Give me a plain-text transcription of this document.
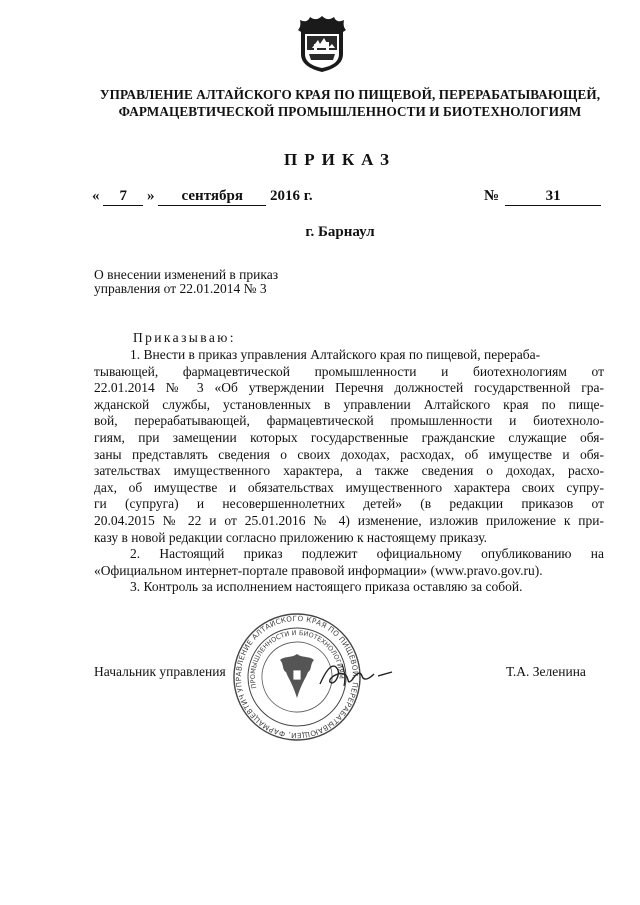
УПРАВЛЕНИЕ АЛТАЙСКОГО КРАЯ ПО ПИЩЕВОЙ, ПЕРЕРАБАТЫВАЮЩЕЙ,
ФАРМАЦЕВТИЧЕСКОЙ ПРОМЫШЛЕННОСТИ И БИОТЕХНОЛОГИЯМ
ПРИКАЗ
« 7 » сентября 2016 г.	№	31
г. Барнаул
О внесении изменений в приказ
управления от 22.01.2014 № 3
Приказываю:
1. Внести в приказ управления Алтайского края по пищевой, перераба-
тывающей, фармацевтической промышленности и биотехнологиям от
22.01.2014 № 3 «Об утверждении Перечня должностей государственной гра-
жданской службы, установленных в управлении Алтайского края по пище-
вой, перерабатывающей, фармацевтической промышленности и биотехноло-
гиям, при замещении которых государственные гражданские служащие обя-
заны представлять сведения о своих доходах, расходах, об имуществе и обя-
зательствах имущественного характера, а также сведения о доходах, расхо-
дах, об имуществе и обязательствах имущественного характера своих супру-
ги (супруга) и несовершеннолетних детей» (в редакции приказов от
20.04.2015 № 22 и от 25.01.2016 № 4) изменение, изложив приложение к при-
казу в новой редакции согласно приложению к настоящему приказу.
2. Настоящий приказ подлежит официальному опубликованию на
«Официальном интернет-портале правовой информации» (www.pravo.gov.ru).
3. Контроль за исполнением настоящего приказа оставляю за собой.
УПРАВЛЕНИЕ АЛТАЙСКОГО КРАЯ ПО ПИЩЕВОЙ, ПЕРЕРАБАТЫВАЮЩЕЙ, ФАРМАЦЕВТИЧЕСКОЙ
ПРОМЫШЛЕННОСТИ И БИОТЕХНОЛОГИЯМ
Начальник управления	Т.А. Зеленина
